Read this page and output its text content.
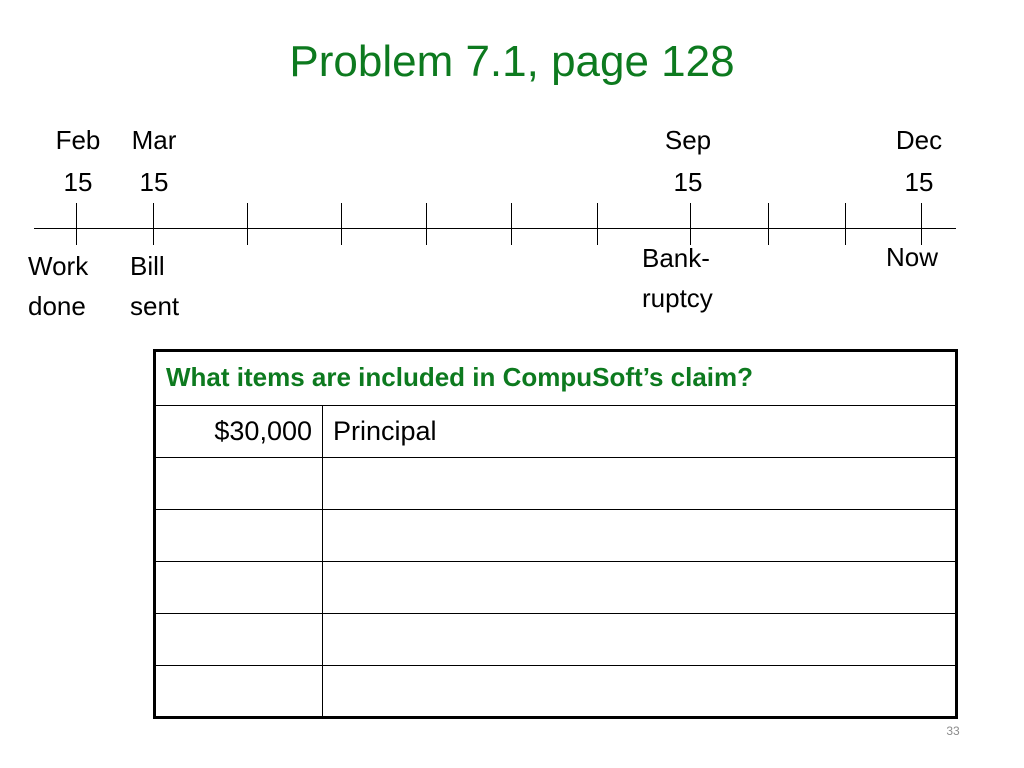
Problem 7.1, page 128
Feb
15
Mar
15
Sep
15
Dec
15
Work
done
Bill
sent
Bank-
ruptcy
Now
What items are included in CompuSoft’s claim?	
$30,000	Principal

33
